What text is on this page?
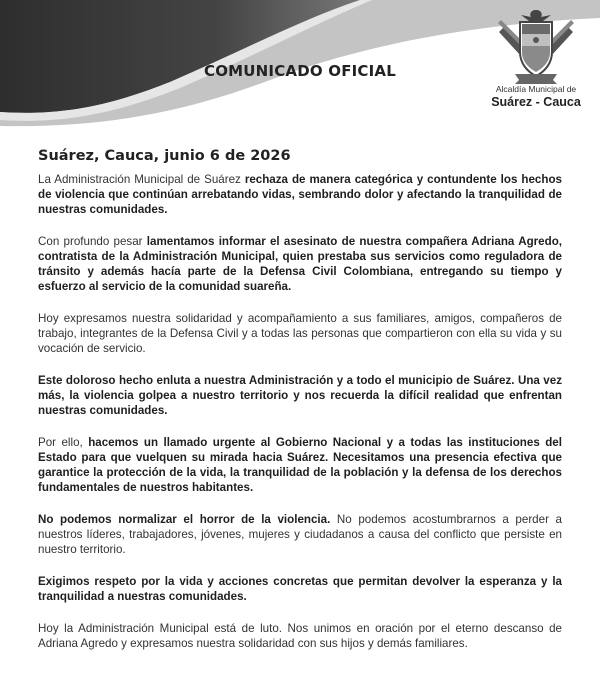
COMUNICADO OFICIAL
Alcaldía Municipal de
Suárez - Cauca
Suárez, Cauca, junio 6 de 2026

La Administración Municipal de Suárez rechaza de manera categórica y contundente los hechos de violencia que continúan arrebatando vidas, sembrando dolor y afectando la tranquilidad de nuestras comunidades.

Con profundo pesar lamentamos informar el asesinato de nuestra compañera Adriana Agredo, contratista de la Administración Municipal, quien prestaba sus servicios como reguladora de tránsito y además hacía parte de la Defensa Civil Colombiana, entregando su tiempo y esfuerzo al servicio de la comunidad suareña.

Hoy expresamos nuestra solidaridad y acompañamiento a sus familiares, amigos, compañeros de trabajo, integrantes de la Defensa Civil y a todas las personas que compartieron con ella su vida y su vocación de servicio.

Este doloroso hecho enluta a nuestra Administración y a todo el municipio de Suárez. Una vez más, la violencia golpea a nuestro territorio y nos recuerda la difícil realidad que enfrentan nuestras comunidades.

Por ello, hacemos un llamado urgente al Gobierno Nacional y a todas las instituciones del Estado para que vuelquen su mirada hacia Suárez. Necesitamos una presencia efectiva que garantice la protección de la vida, la tranquilidad de la población y la defensa de los derechos fundamentales de nuestros habitantes.

No podemos normalizar el horror de la violencia. No podemos acostumbrarnos a perder a nuestros líderes, trabajadores, jóvenes, mujeres y ciudadanos a causa del conflicto que persiste en nuestro territorio.

Exigimos respeto por la vida y acciones concretas que permitan devolver la esperanza y la tranquilidad a nuestras comunidades.

Hoy la Administración Municipal está de luto. Nos unimos en oración por el eterno descanso de Adriana Agredo y expresamos nuestra solidaridad con sus hijos y demás familiares.
